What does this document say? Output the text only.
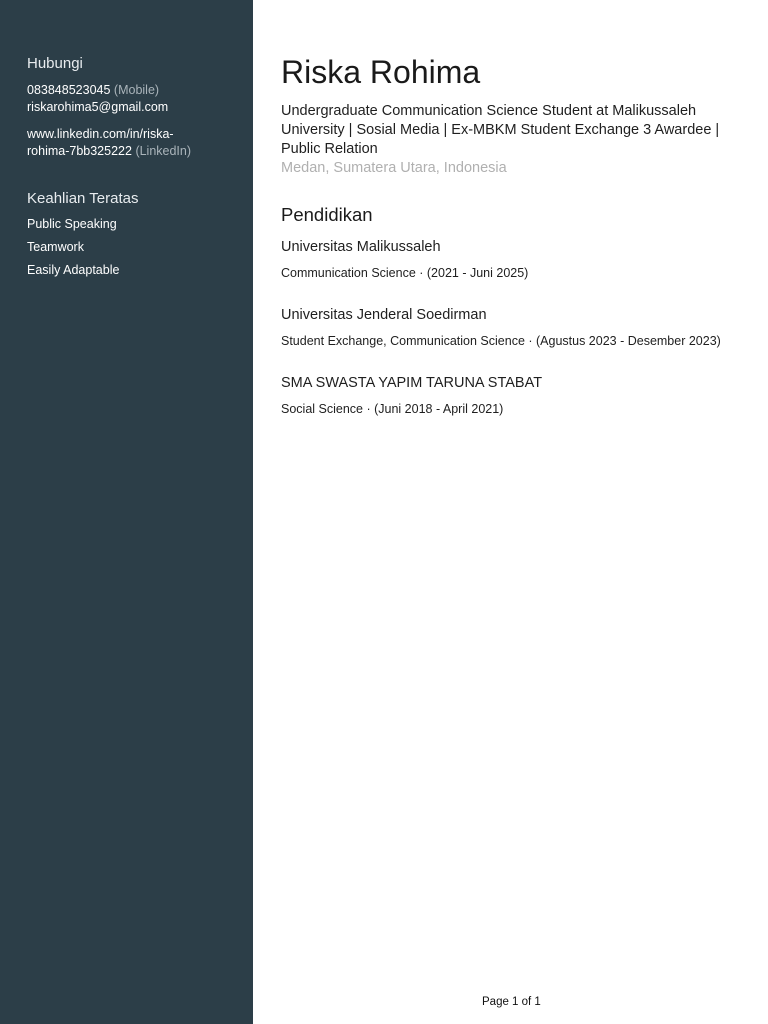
Hubungi

083848523045 (Mobile)

riskarohima5@gmail.com

www.linkedin.com/in/riska-

rohima-7bb325222 (LinkedIn)

Keahlian Teratas

Public Speaking

Teamwork

Easily Adaptable

Riska Rohima

Undergraduate Communication Science Student at Malikussaleh University | Sosial Media | Ex-MBKM Student Exchange 3 Awardee | Public Relation

Medan, Sumatera Utara, Indonesia

Pendidikan

Universitas Malikussaleh

Communication Science · (2021 - Juni 2025)

Universitas Jenderal Soedirman

Student Exchange, Communication Science · (Agustus 2023 - Desember 2023)

SMA SWASTA YAPIM TARUNA STABAT

Social Science · (Juni 2018 - April 2021)

Page 1 of 1
